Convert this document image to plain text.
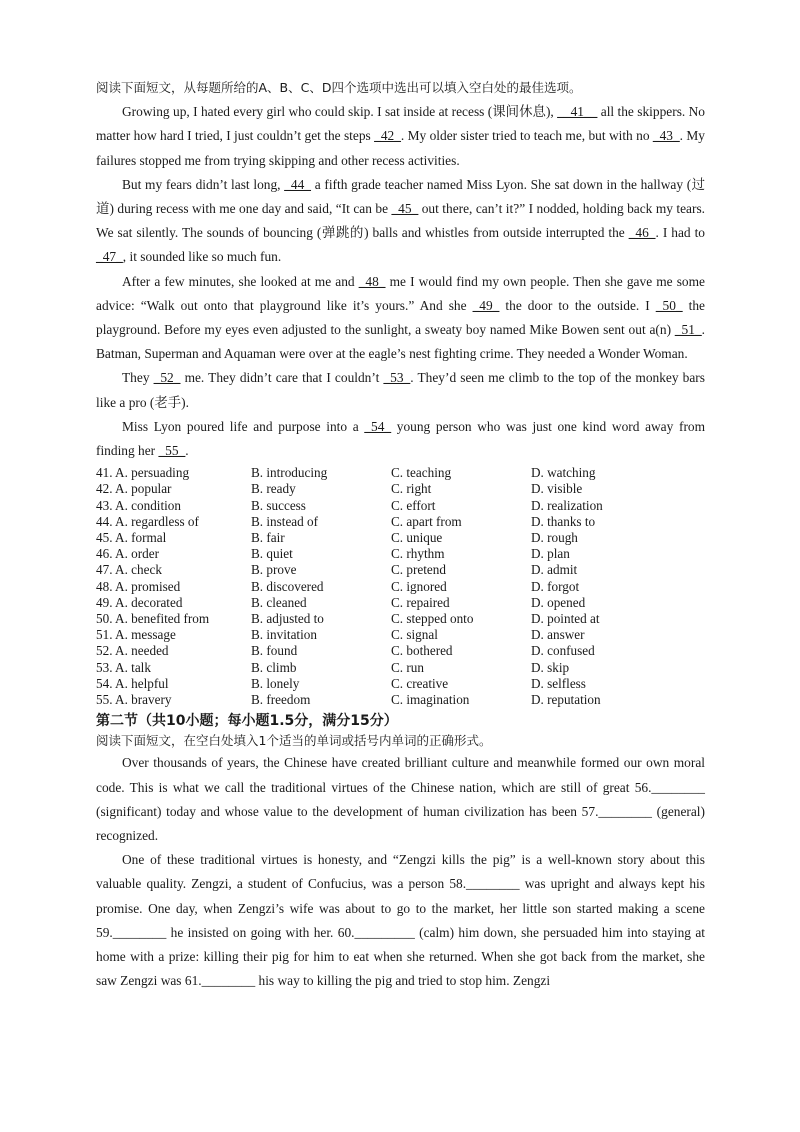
阅读下面短文，从每题所给的A、B、C、D四个选项中选出可以填入空白处的最佳选项。

Growing up, I hated every girl who could skip. I sat inside at recess (课间休息), __41__ all the skippers. No matter how hard I tried, I just couldn’t get the steps _42_. My older sister tried to teach me, but with no _43_. My failures stopped me from trying skipping and other recess activities.

But my fears didn’t last long, _44_ a fifth grade teacher named Miss Lyon. She sat down in the hallway (过道) during recess with me one day and said, “It can be _45_ out there, can’t it?” I nodded, holding back my tears. We sat silently. The sounds of bouncing (弹跳的) balls and whistles from outside interrupted the _46_. I had to _47_, it sounded like so much fun.

After a few minutes, she looked at me and _48_ me I would find my own people. Then she gave me some advice: “Walk out onto that playground like it’s yours.” And she _49_ the door to the outside. I _50_ the playground. Before my eyes even adjusted to the sunlight, a sweaty boy named Mike Bowen sent out a(n) _51_. Batman, Superman and Aquaman were over at the eagle’s nest fighting crime. They needed a Wonder Woman.

They _52_ me. They didn’t care that I couldn’t _53_. They’d seen me climb to the top of the monkey bars like a pro (老手).

Miss Lyon poured life and purpose into a _54_ young person who was just one kind word away from finding her _55_.

41. A. persuading	B. introducing	C. teaching	D. watching
42. A. popular	B. ready	C. right	D. visible
43. A. condition	B. success	C. effort	D. realization
44. A. regardless of	B. instead of	C. apart from	D. thanks to
45. A. formal	B. fair	C. unique	D. rough
46. A. order	B. quiet	C. rhythm	D. plan
47. A. check	B. prove	C. pretend	D. admit
48. A. promised	B. discovered	C. ignored	D. forgot
49. A. decorated	B. cleaned	C. repaired	D. opened
50. A. benefited from	B. adjusted to	C. stepped onto	D. pointed at
51. A. message	B. invitation	C. signal	D. answer
52. A. needed	B. found	C. bothered	D. confused
53. A. talk	B. climb	C. run	D. skip
54. A. helpful	B. lonely	C. creative	D. selfless
55. A. bravery	B. freedom	C. imagination	D. reputation

第二节（共10小题；每小题1.5分，满分15分）

阅读下面短文，在空白处填入1个适当的单词或括号内单词的正确形式。

Over thousands of years, the Chinese have created brilliant culture and meanwhile formed our own moral code. This is what we call the traditional virtues of the Chinese nation, which are still of great 56.________ (significant) today and whose value to the development of human civilization has been 57.________ (general) recognized.

One of these traditional virtues is honesty, and “Zengzi kills the pig” is a well-known story about this valuable quality. Zengzi, a student of Confucius, was a person 58.________ was upright and always kept his promise. One day, when Zengzi’s wife was about to go to the market, her little son started making a scene 59.________ he insisted on going with her. 60._________ (calm) him down, she persuaded him into staying at home with a prize: killing their pig for him to eat when she returned. When she got back from the market, she saw Zengzi was 61.________ his way to killing the pig and tried to stop him. Zengzi
